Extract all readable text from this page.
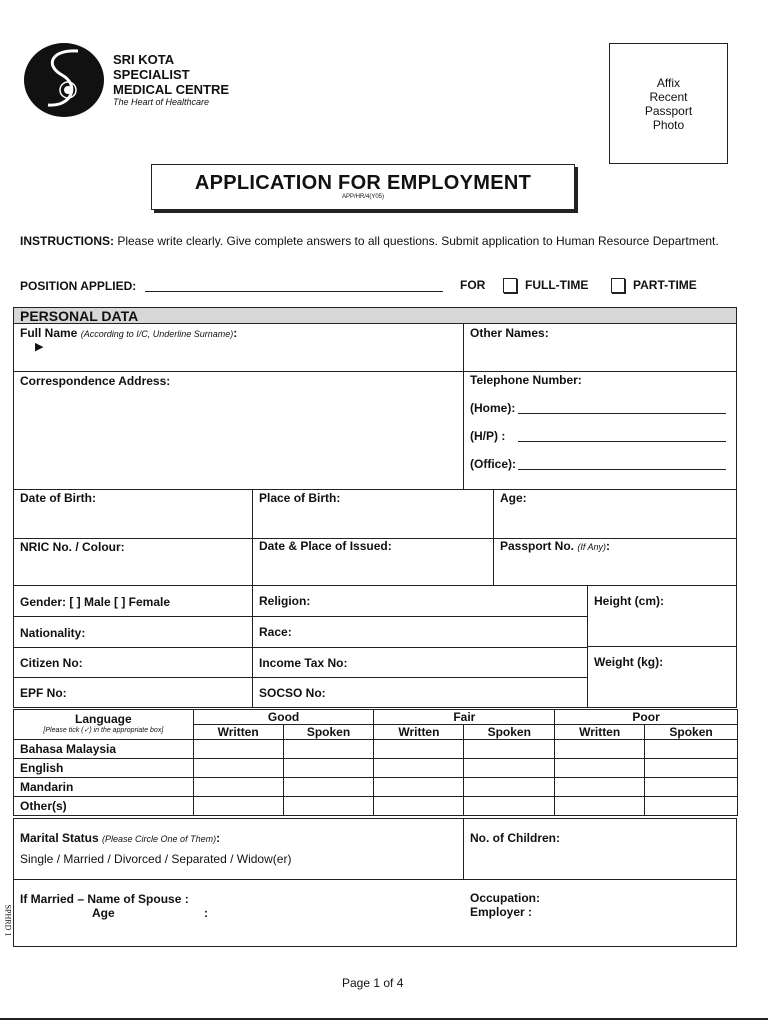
SRI KOTA
SPECIALIST
MEDICAL CENTRE
The Heart of Healthcare
Affix
Recent
Passport
Photo
APPLICATION FOR EMPLOYMENT
APP/HR/4(Y05)
INSTRUCTIONS: Please write clearly. Give complete answers to all questions. Submit application to Human Resource Department.
POSITION APPLIED:	FOR	FULL-TIME	PART-TIME
PERSONAL DATA
Full Name (According to I/C, Underline Surname):
▶
Other Names:
Correspondence Address:	Telephone Number:
(Home):
(H/P) :
(Office):
Date of Birth:	Place of Birth:	Age:
NRIC No. / Colour:	Date & Place of Issued:	Passport No. (If Any):
Gender: [ ] Male [ ] Female	Religion:	Height (cm):
Nationality:	Race:
Citizen No:	Income Tax No:	Weight (kg):
EPF No:	SOCSO No:
Language
[Please tick (✓) in the appropriate box]	Good		Fair		Poor	
	Written	Spoken	Written	Spoken	Written	Spoken
Bahasa Malaysia						
English						
Mandarin						
Other(s)						
Marital Status (Please Circle One of Them):
Single / Married / Divorced / Separated / Widow(er)
No. of Children:
If Married – Name of Spouse :
Age	:
Occupation:
Employer :
SPHRD 1
Page 1 of 4
